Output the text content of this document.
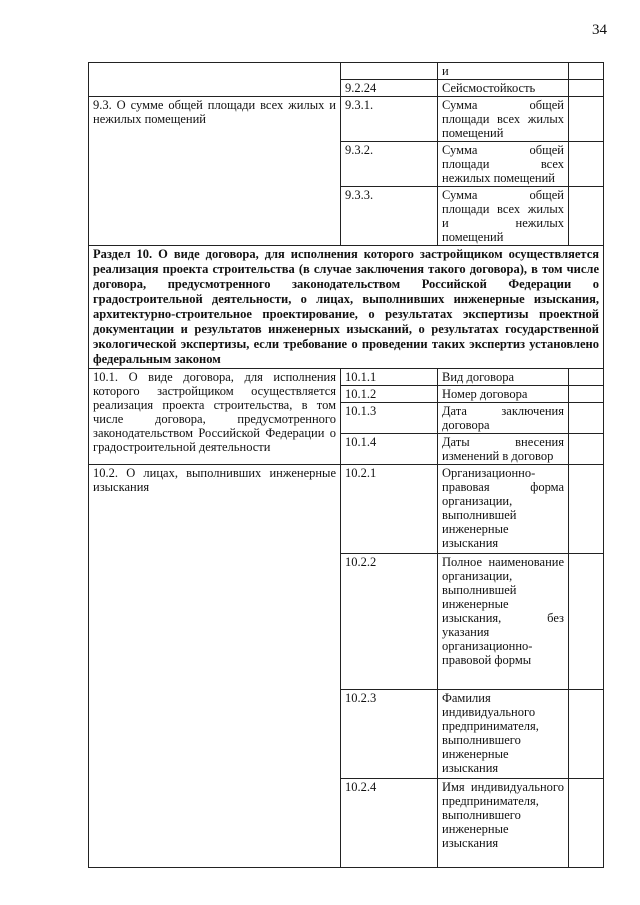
34
		и	
	9.2.24	Сейсмостойкость	
9.3. О сумме общей площади всех жилых и нежилых помещений	9.3.1.	Сумма общей площади всех жилых помещений	
	9.3.2.	Сумма общей площади всех нежилых помещений	
	9.3.3.	Сумма общей площади всех жилых и нежилых помещений	
Раздел 10. О виде договора, для исполнения которого застройщиком осуществляется реализация проекта строительства (в случае заключения такого договора), в том числе договора, предусмотренного законодательством Российской Федерации о градостроительной деятельности, о лицах, выполнивших инженерные изыскания, архитектурно-строительное проектирование, о результатах экспертизы проектной документации и результатов инженерных изысканий, о результатах государственной экологической экспертизы, если требование о проведении таких экспертиз установлено федеральным законом			
10.1. О виде договора, для исполнения которого застройщиком осуществляется реализация проекта строительства, в том числе договора, предусмотренного законодательством Российской Федерации о градостроительной деятельности	10.1.1	Вид договора	
	10.1.2	Номер договора	
	10.1.3	Дата заключения договора	
	10.1.4	Даты внесения изменений в договор	
10.2. О лицах, выполнивших инженерные изыскания	10.2.1	Организационно-правовая форма организации, выполнившей инженерные изыскания	
	10.2.2	Полное наименование организации, выполнившей инженерные изыскания, без указания организационно-правовой формы	
	10.2.3	Фамилия индивидуального предпринимателя, выполнившего инженерные изыскания	
	10.2.4	Имя индивидуального предпринимателя, выполнившего инженерные изыскания	
